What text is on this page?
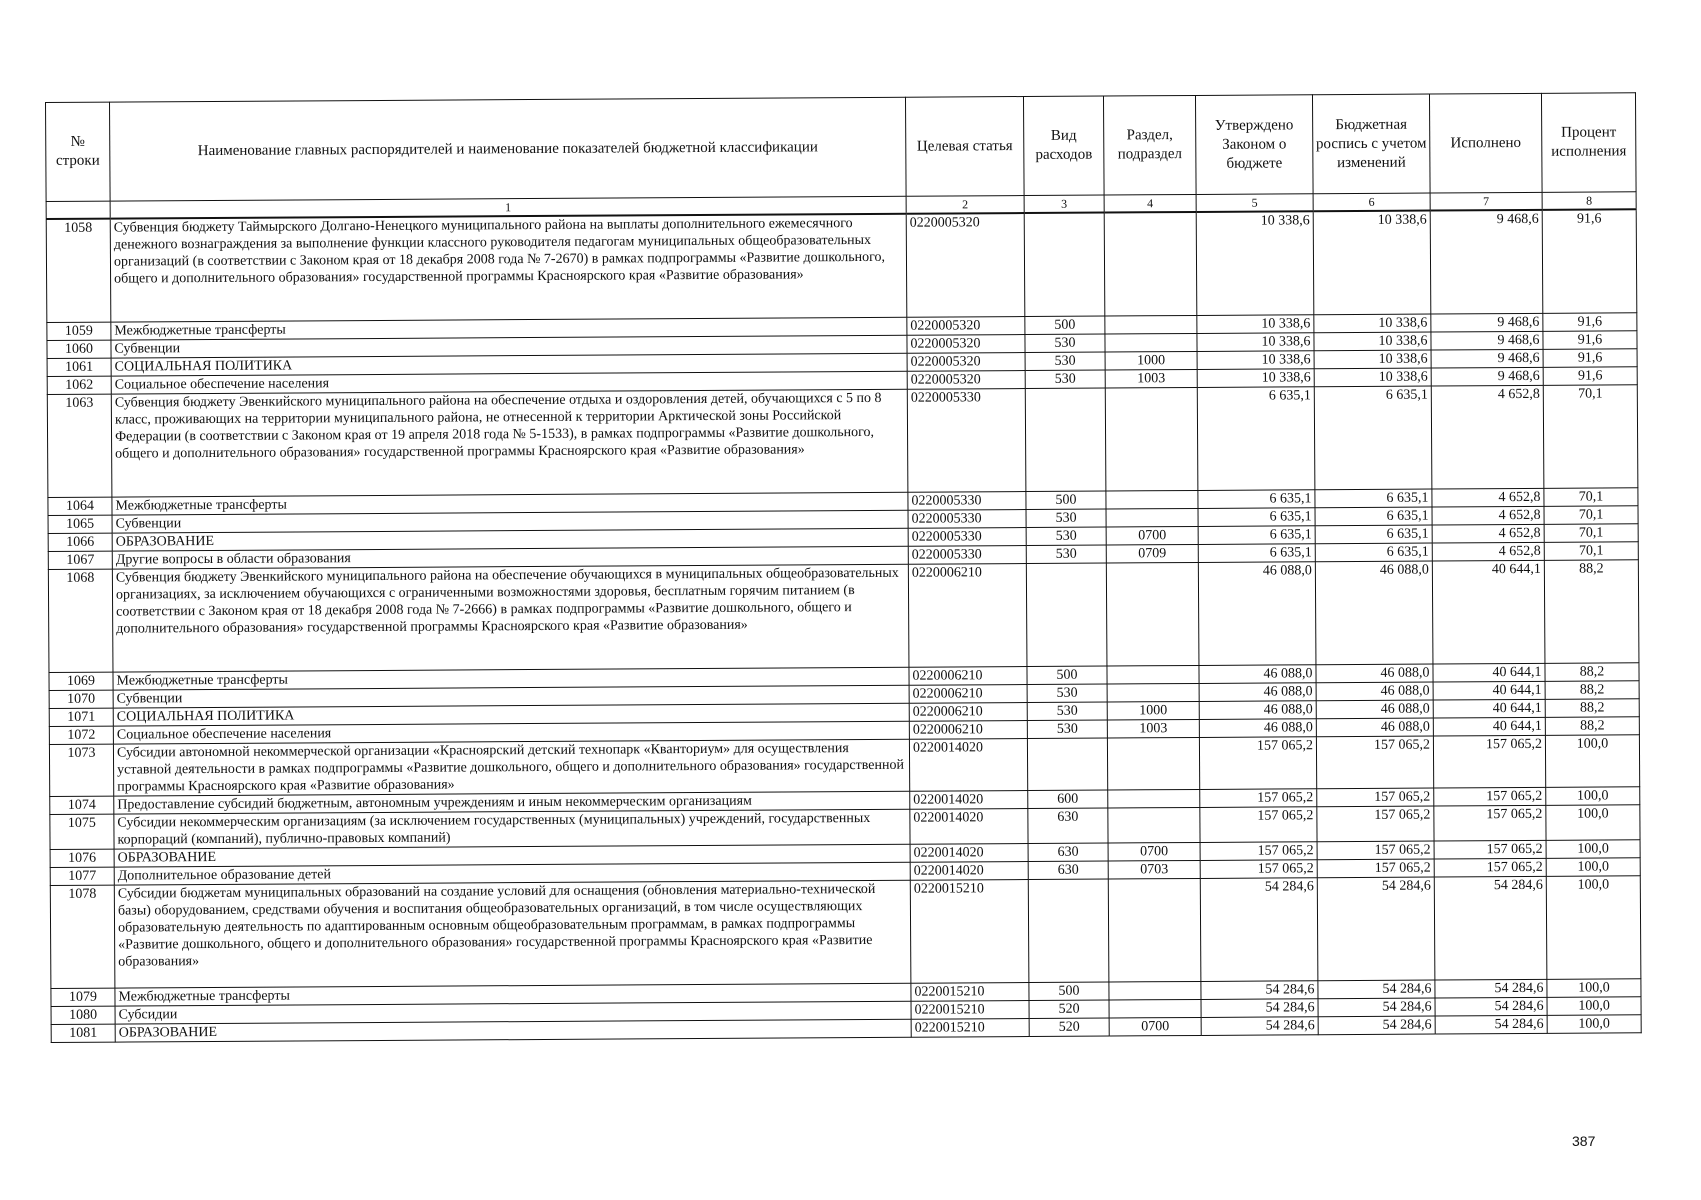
№ строки	Наименование главных распорядителей и наименование показателей бюджетной классификации	Целевая статья	Вид расходов	Раздел, подраздел	Утверждено Законом о бюджете	Бюджетная роспись с учетом изменений	Исполнено	Процент исполнения
	1	2	3	4	5	6	7	8
1058	Субвенция бюджету Таймырского Долгано-Ненецкого муниципального района на выплаты дополнительного ежемесячного денежного вознаграждения за выполнение функции классного руководителя педагогам муниципальных общеобразовательных организаций (в соответствии с Законом края от 18 декабря 2008 года № 7-2670) в рамках подпрограммы «Развитие дошкольного, общего и дополнительного образования» государственной программы Красноярского края «Развитие образования»	0220005320			10 338,6	10 338,6	9 468,6	91,6
1059	Межбюджетные трансферты	0220005320	500		10 338,6	10 338,6	9 468,6	91,6
1060	Субвенции	0220005320	530		10 338,6	10 338,6	9 468,6	91,6
1061	СОЦИАЛЬНАЯ ПОЛИТИКА	0220005320	530	1000	10 338,6	10 338,6	9 468,6	91,6
1062	Социальное обеспечение населения	0220005320	530	1003	10 338,6	10 338,6	9 468,6	91,6
1063	Субвенция бюджету Эвенкийского муниципального района на обеспечение отдыха и оздоровления детей, обучающихся с 5 по 8 класс, проживающих на территории муниципального района, не отнесенной к территории Арктической зоны Российской Федерации (в соответствии с Законом края от 19 апреля 2018 года № 5-1533), в рамках подпрограммы «Развитие дошкольного, общего и дополнительного образования» государственной программы Красноярского края «Развитие образования»	0220005330			6 635,1	6 635,1	4 652,8	70,1
1064	Межбюджетные трансферты	0220005330	500		6 635,1	6 635,1	4 652,8	70,1
1065	Субвенции	0220005330	530		6 635,1	6 635,1	4 652,8	70,1
1066	ОБРАЗОВАНИЕ	0220005330	530	0700	6 635,1	6 635,1	4 652,8	70,1
1067	Другие вопросы в области образования	0220005330	530	0709	6 635,1	6 635,1	4 652,8	70,1
1068	Субвенция бюджету Эвенкийского муниципального района на обеспечение обучающихся в муниципальных общеобразовательных организациях, за исключением обучающихся с ограниченными возможностями здоровья, бесплатным горячим питанием (в соответствии с Законом края от 18 декабря 2008 года № 7-2666) в рамках подпрограммы «Развитие дошкольного, общего и дополнительного образования» государственной программы Красноярского края «Развитие образования»	0220006210			46 088,0	46 088,0	40 644,1	88,2
1069	Межбюджетные трансферты	0220006210	500		46 088,0	46 088,0	40 644,1	88,2
1070	Субвенции	0220006210	530		46 088,0	46 088,0	40 644,1	88,2
1071	СОЦИАЛЬНАЯ ПОЛИТИКА	0220006210	530	1000	46 088,0	46 088,0	40 644,1	88,2
1072	Социальное обеспечение населения	0220006210	530	1003	46 088,0	46 088,0	40 644,1	88,2
1073	Субсидии автономной некоммерческой организации «Красноярский детский технопарк «Кванториум» для осуществления уставной деятельности в рамках подпрограммы «Развитие дошкольного, общего и дополнительного образования» государственной программы Красноярского края «Развитие образования»	0220014020			157 065,2	157 065,2	157 065,2	100,0
1074	Предоставление субсидий бюджетным, автономным учреждениям и иным некоммерческим организациям	0220014020	600		157 065,2	157 065,2	157 065,2	100,0
1075	Субсидии некоммерческим организациям (за исключением государственных (муниципальных) учреждений, государственных корпораций (компаний), публично-правовых компаний)	0220014020	630		157 065,2	157 065,2	157 065,2	100,0
1076	ОБРАЗОВАНИЕ	0220014020	630	0700	157 065,2	157 065,2	157 065,2	100,0
1077	Дополнительное образование детей	0220014020	630	0703	157 065,2	157 065,2	157 065,2	100,0
1078	Субсидии бюджетам муниципальных образований на создание условий для оснащения (обновления материально-технической базы) оборудованием, средствами обучения и воспитания общеобразовательных организаций, в том числе осуществляющих образовательную деятельность по адаптированным основным общеобразовательным программам, в рамках подпрограммы «Развитие дошкольного, общего и дополнительного образования» государственной программы Красноярского края «Развитие образования»	0220015210			54 284,6	54 284,6	54 284,6	100,0
1079	Межбюджетные трансферты	0220015210	500		54 284,6	54 284,6	54 284,6	100,0
1080	Субсидии	0220015210	520		54 284,6	54 284,6	54 284,6	100,0
1081	ОБРАЗОВАНИЕ	0220015210	520	0700	54 284,6	54 284,6	54 284,6	100,0
387
